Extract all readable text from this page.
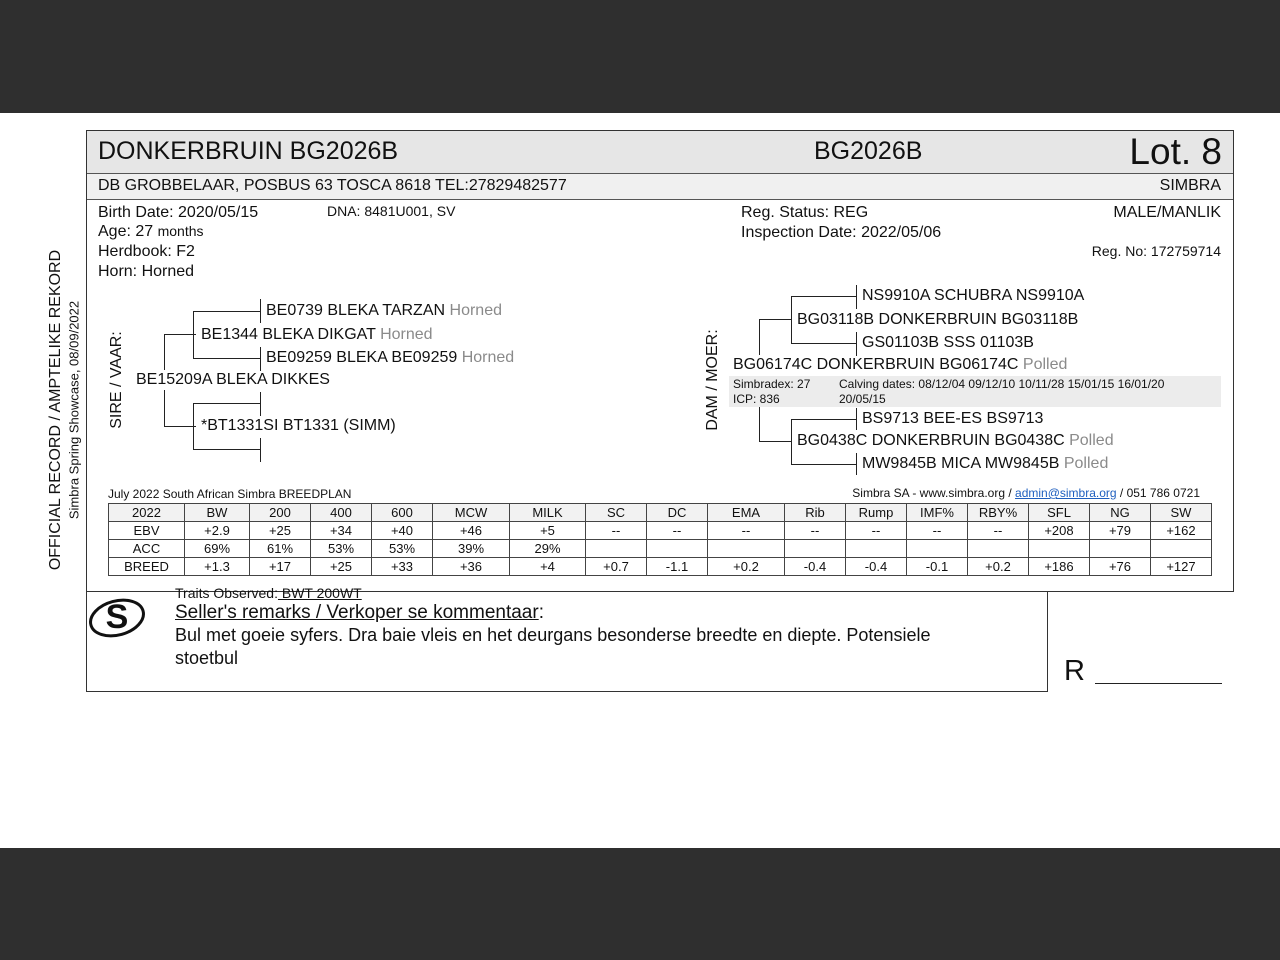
DONKERBRUIN BG2026B	BG2026B	Lot. 8
DB GROBBELAAR, POSBUS 63 TOSCA 8618 TEL:27829482577	SIMBRA
OFFICIAL RECORD / AMPTELIKE REKORD Simbra Spring Showcase, 08/09/2022
Birth Date: 2020/05/15	DNA: 8481U001, SV
Age: 27 months
Herdbook: F2
Horn: Horned
Reg. Status: REG
Inspection Date: 2022/05/06
MALE/MANLIK
Reg. No: 172759714
SIRE / VAAR: BE15209A BLEKA DIKKES
BE1344 BLEKA DIKGAT Horned
BE0739 BLEKA TARZAN Horned
BE09259 BLEKA BE09259 Horned
*BT1331SI BT1331 (SIMM)	DAM / MOER: BG06174C DONKERBRUIN BG06174C Polled
BG03118B DONKERBRUIN BG03118B
NS9910A SCHUBRA NS9910A
GS01103B SSS 01103B
BG0438C DONKERBRUIN BG0438C Polled
BS9713 BEE-ES BS9713
MW9845B MICA MW9845B Polled
Simbradex: 27
ICP: 836
Calving dates: 08/12/04 09/12/10 10/11/28 15/01/15 16/01/20
20/05/15
July 2022 South African Simbra BREEDPLAN	Simbra SA - www.simbra.org / admin@simbra.org / 051 786 0721
2022	BW	200	400	600	MCW	MILK	SC	DC	EMA	Rib	Rump	IMF%	RBY%	SFL	NG	SW
EBV	+2.9	+25	+34	+40	+46	+5	--	--	--	--	--	--	--	+208	+79	+162
ACC	69%	61%	53%	53%	39%	29%										
BREED	+1.3	+17	+25	+33	+36	+4	+0.7	-1.1	+0.2	-0.4	-0.4	-0.1	+0.2	+186	+76	+127
S
Traits Observed: BWT 200WT
Seller's remarks / Verkoper se kommentaar:
Bul met goeie syfers. Dra baie vleis en het deurgans besonderse breedte en diepte. Potensiele
stoetbul	R
